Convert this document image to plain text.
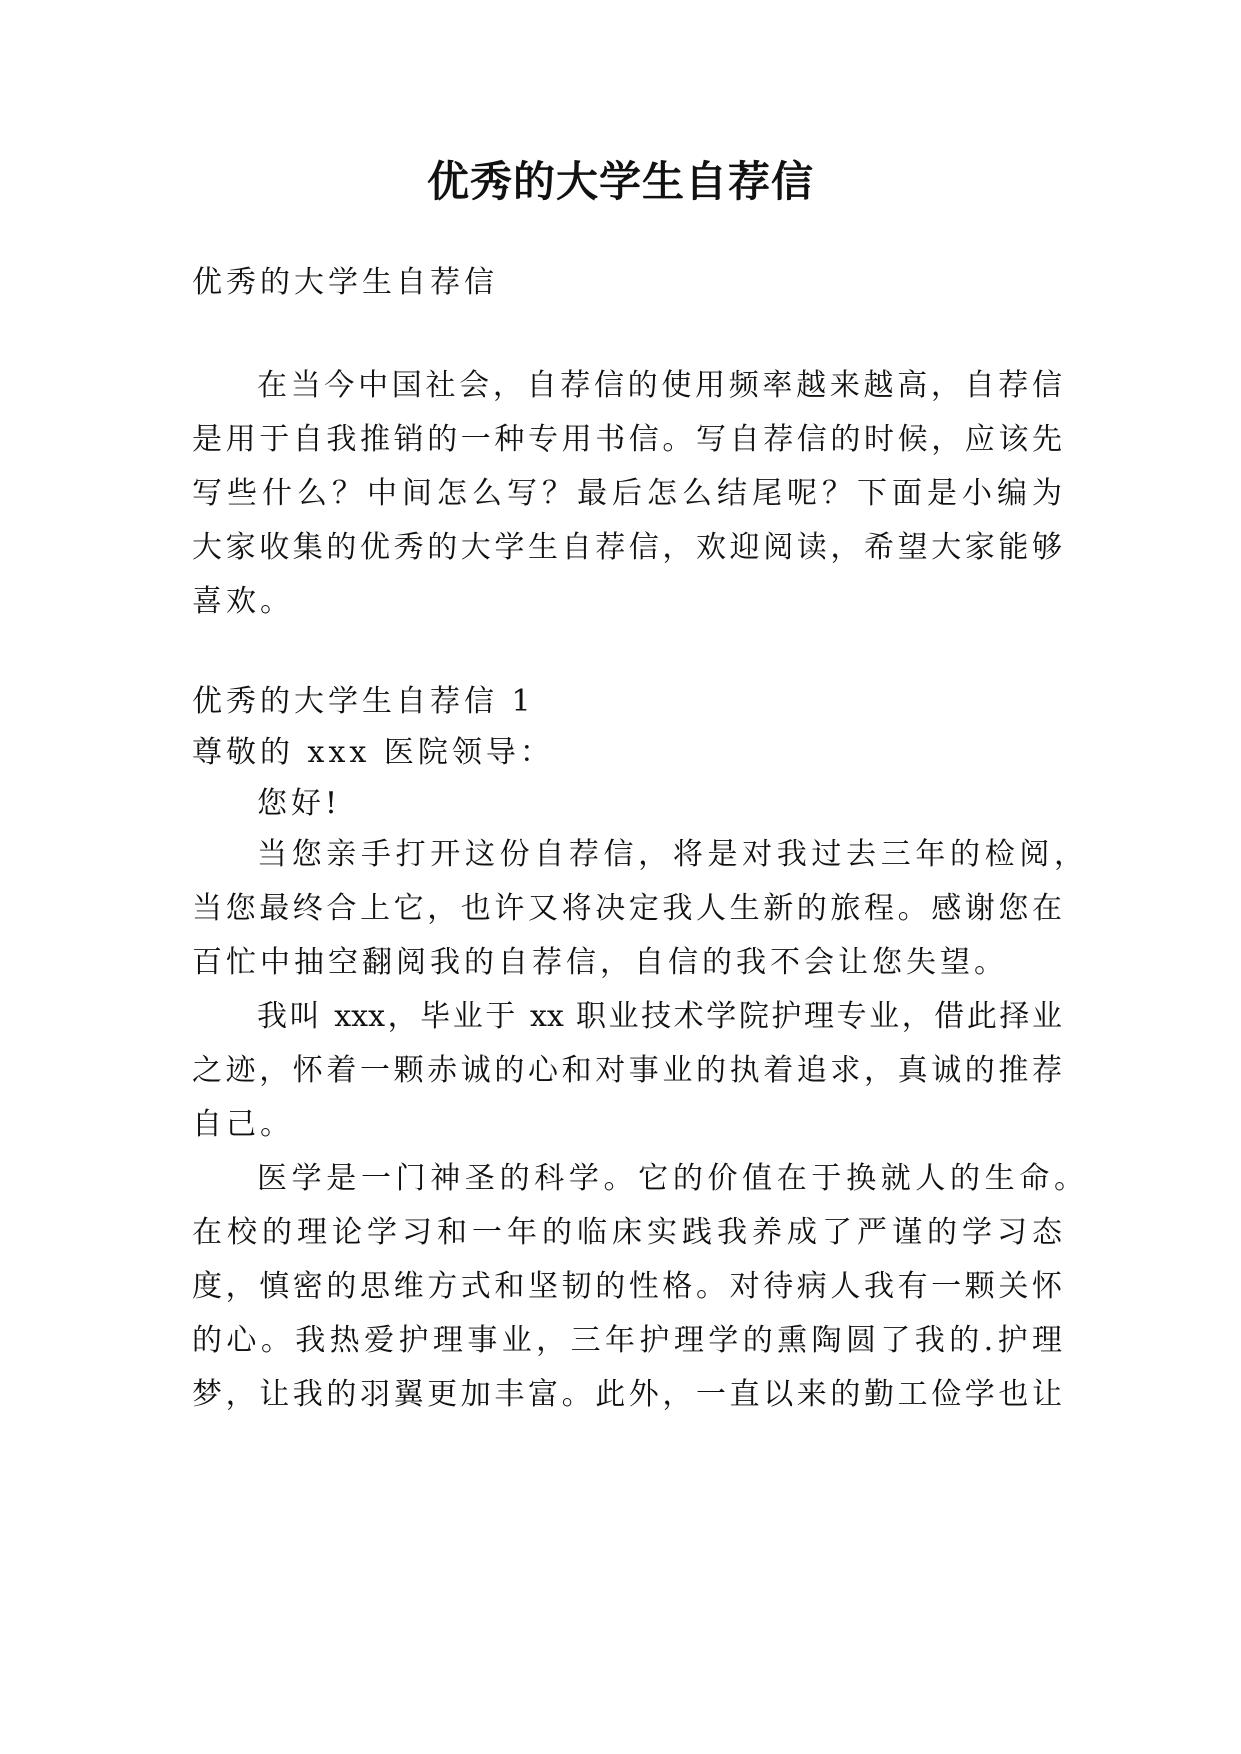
优秀的大学生自荐信
优秀的大学生自荐信
在当今中国社会，自荐信的使用频率越来越高，自荐信
是用于自我推销的一种专用书信。写自荐信的时候，应该先
写些什么？中间怎么写？最后怎么结尾呢？下面是小编为
大家收集的优秀的大学生自荐信，欢迎阅读，希望大家能够
喜欢。
优秀的大学生自荐信 1
尊敬的 xxx 医院领导：
您好!
当您亲手打开这份自荐信，将是对我过去三年的检阅，
当您最终合上它，也许又将决定我人生新的旅程。感谢您在
百忙中抽空翻阅我的自荐信，自信的我不会让您失望。
我叫 xxx，毕业于 xx 职业技术学院护理专业，借此择业
之迹，怀着一颗赤诚的心和对事业的执着追求，真诚的推荐
自己。
医学是一门神圣的科学。它的价值在于换就人的生命。
在校的理论学习和一年的临床实践我养成了严谨的学习态
度，慎密的思维方式和坚韧的性格。对待病人我有一颗关怀
的心。我热爱护理事业，三年护理学的熏陶圆了我的.护理
梦，让我的羽翼更加丰富。此外，一直以来的勤工俭学也让
